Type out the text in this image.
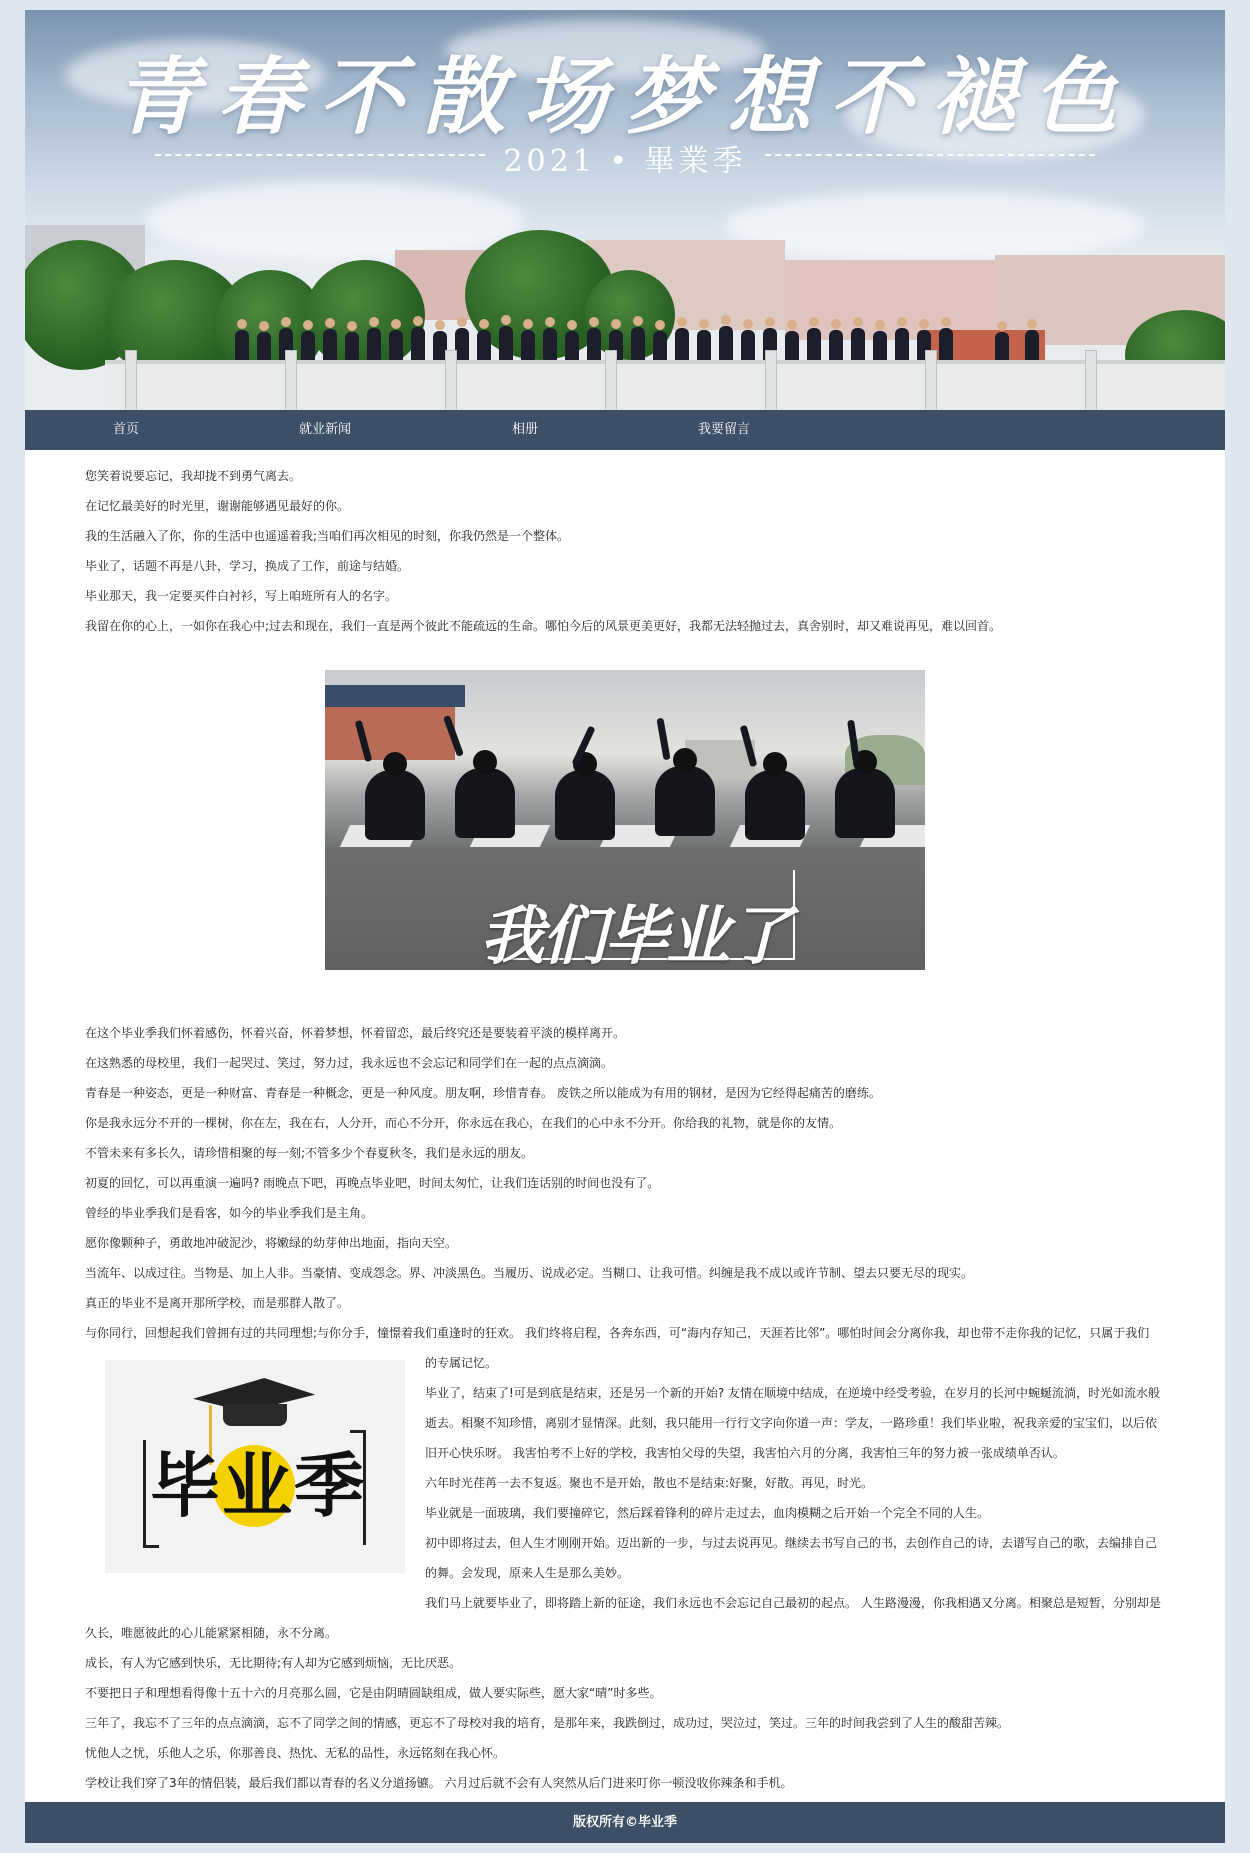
青春不散场梦想不褪色
2021 • 畢業季
首页	就业新闻	相册	我要留言

您笑着说要忘记，我却拢不到勇气离去。

在记忆最美好的时光里，谢谢能够遇见最好的你。

我的生活融入了你，你的生活中也遥遥着我;当咱们再次相见的时刻，你我仍然是一个整体。

毕业了，话题不再是八卦，学习，换成了工作，前途与结婚。

毕业那天，我一定要买件白衬衫，写上咱班所有人的名字。

我留在你的心上，一如你在我心中;过去和现在，我们一直是两个彼此不能疏远的生命。哪怕今后的风景更美更好，我都无法轻抛过去，真舍别时，却又难说再见，难以回首。

我们毕业了

在这个毕业季我们怀着感伤，怀着兴奋，怀着梦想，怀着留恋，最后终究还是要装着平淡的模样离开。

在这熟悉的母校里，我们一起哭过、笑过，努力过，我永远也不会忘记和同学们在一起的点点滴滴。

青春是一种姿态，更是一种财富、青春是一种概念，更是一种风度。朋友啊，珍惜青春。 废铁之所以能成为有用的钢材，是因为它经得起痛苦的磨练。

你是我永远分不开的一棵树，你在左，我在右，人分开，而心不分开，你永远在我心，在我们的心中永不分开。你给我的礼物，就是你的友情。

不管未来有多长久，请珍惜相聚的每一刻;不管多少个春夏秋冬，我们是永远的朋友。

初夏的回忆，可以再重演一遍吗? 雨晚点下吧，再晚点毕业吧，时间太匆忙，让我们连话别的时间也没有了。

曾经的毕业季我们是看客，如今的毕业季我们是主角。

愿你像颗种子，勇敢地冲破泥沙，将嫩绿的幼芽伸出地面，指向天空。

当流年、以成过往。当物是、加上人非。当豪情、变成怨念。界、冲淡黑色。当履历、说成必定。当糊口、让我可惜。纠缠是我不成以或许节制、望去只要无尽的现实。

真正的毕业不是离开那所学校，而是那群人散了。

与你同行，回想起我们曾拥有过的共同理想;与你分手，憧憬着我们重逢时的狂欢。 我们终将启程，各奔东西，可“海内存知己，天涯若比邻”。哪怕时间会分离你我，却也带不走你我的记忆，只属于我们

毕业季

的专属记忆。

毕业了，结束了!可是到底是结束，还是另一个新的开始? 友情在顺境中结成，在逆境中经受考验，在岁月的长河中蜿蜒流淌，时光如流水般

逝去。相聚不知珍惜，离别才显情深。此刻，我只能用一行行文字向你道一声：学友，一路珍重！我们毕业啦，祝我亲爱的宝宝们，以后依

旧开心快乐呀。 我害怕考不上好的学校，我害怕父母的失望，我害怕六月的分离，我害怕三年的努力被一张成绩单否认。

六年时光荏苒一去不复返。聚也不是开始，散也不是结束:好聚，好散。再见，时光。

毕业就是一面玻璃，我们要撞碎它，然后踩着锋利的碎片走过去，血肉模糊之后开始一个完全不同的人生。

初中即将过去，但人生才刚刚开始。迈出新的一步，与过去说再见。继续去书写自己的书，去创作自己的诗，去谱写自己的歌，去编排自己

的舞。会发现，原来人生是那么美妙。

我们马上就要毕业了，即将踏上新的征途，我们永远也不会忘记自己最初的起点。 人生路漫漫，你我相遇又分离。相聚总是短暂，分别却是

久长，唯愿彼此的心儿能紧紧相随，永不分离。

成长，有人为它感到快乐，无比期待;有人却为它感到烦恼，无比厌恶。

不要把日子和理想看得像十五十六的月亮那么圆，它是由阴晴圆缺组成，做人要实际些，愿大家“晴”时多些。

三年了，我忘不了三年的点点滴滴，忘不了同学之间的情感，更忘不了母校对我的培育，是那年来，我跌倒过，成功过，哭泣过，笑过。三年的时间我尝到了人生的酸甜苦辣。

忧他人之忧，乐他人之乐，你那善良、热忱、无私的品性，永远铭刻在我心怀。

学校让我们穿了3年的情侣装，最后我们都以青春的名义分道扬镳。 六月过后就不会有人突然从后门进来叮你一顿没收你辣条和手机。

版权所有©毕业季
